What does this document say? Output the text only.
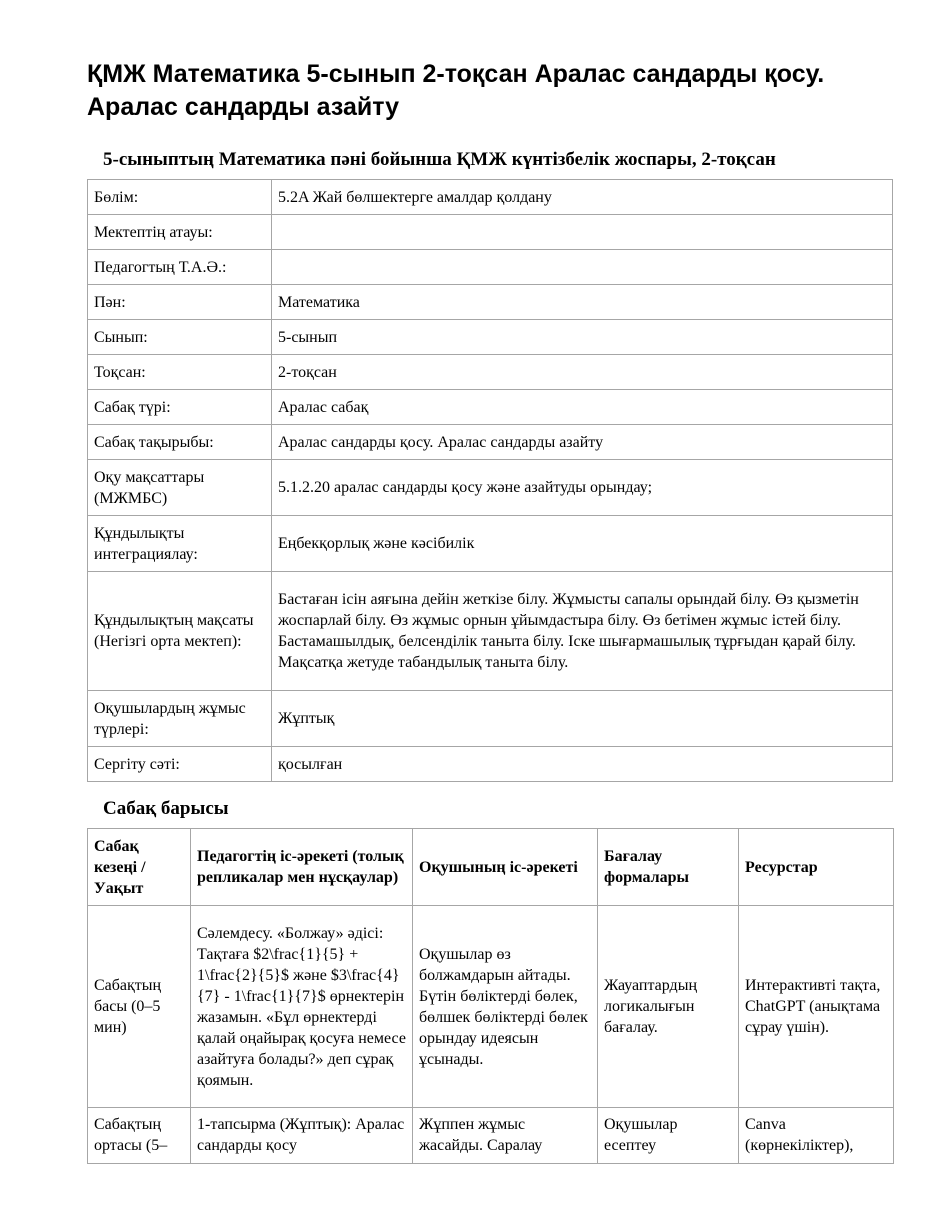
ҚМЖ Математика 5-сынып 2-тоқсан Аралас сандарды қосу. Аралас сандарды азайту
5-сыныптың Математика пәні бойынша ҚМЖ күнтізбелік жоспары, 2-тоқсан
Бөлім:	5.2A Жай бөлшектерге амалдар қолдану
Мектептің атауы:	
Педагогтың Т.А.Ә.:	
Пән:	Математика
Сынып:	5-сынып
Тоқсан:	2-тоқсан
Сабақ түрі:	Аралас сабақ
Сабақ тақырыбы:	Аралас сандарды қосу. Аралас сандарды азайту
Оқу мақсаттары (МЖМБС)	5.1.2.20 аралас сандарды қосу және азайтуды орындау;
Құндылықты интеграциялау:	Еңбекқорлық және кәсібилік
Құндылықтың мақсаты (Негізгі орта мектеп):	Бастаған ісін аяғына дейін жеткізе білу. Жұмысты сапалы орындай білу. Өз қызметін жоспарлай білу. Өз жұмыс орнын ұйымдастыра білу. Өз бетімен жұмыс істей білу. Бастамашылдық, белсенділік таныта білу. Іске шығармашылық тұрғыдан қарай білу. Мақсатқа жетуде табандылық таныта білу.
Оқушылардың жұмыс түрлері:	Жұптық
Сергіту сәті:	қосылған
Сабақ барысы
Сабақ кезеңі / Уақыт	Педагогтің іс-әрекеті (толық репликалар мен нұсқаулар)	Оқушының іс-әрекеті	Бағалау формалары	Ресурстар
Сабақтың басы (0–5 мин)	Сәлемдесу. «Болжау» әдісі: Тақтаға $2\frac{1}{5} + 1\frac{2}{5}$ және $3\frac{4}{7} - 1\frac{1}{7}$ өрнектерін жазамын. «Бұл өрнектерді қалай оңайырақ қосуға немесе азайтуға болады?» деп сұрақ қоямын.	Оқушылар өз болжамдарын айтады. Бүтін бөліктерді бөлек, бөлшек бөліктерді бөлек орындау идеясын ұсынады.	Жауаптардың логикалығын бағалау.	Интерактивті тақта, ChatGPT (анықтама сұрау үшін).
Сабақтың ортасы (5–	1-тапсырма (Жұптық): Аралас сандарды қосу	Жұппен жұмыс жасайды. Саралау	Оқушылар есептеу	Canva (көрнекіліктер),
